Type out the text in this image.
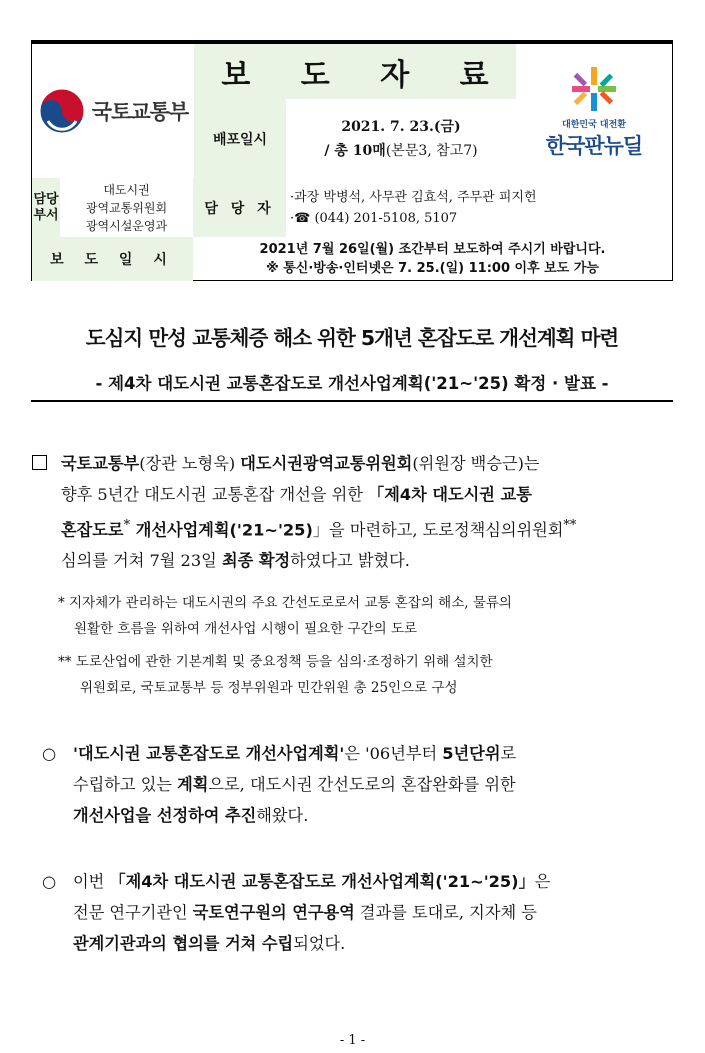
국토교통부
보 도 자 료
배포일시
2021. 7. 23.(금)
/ 총 10매(본문3, 참고7)
대한민국 대전환
한국판뉴딜
담당
부서
대도시권
광역교통위원회
광역시설운영과
담 당 자
·과장 박병석, 사무관 김효석, 주무관 피지헌
·☎ (044) 201-5108, 5107
보 도 일 시
2021년 7월 26일(월) 조간부터 보도하여 주시기 바랍니다.
※ 통신·방송·인터넷은 7. 25.(일) 11:00 이후 보도 가능
도심지 만성 교통체증 해소 위한 5개년 혼잡도로 개선계획 마련
- 제4차 대도시권 교통혼잡도로 개선사업계획('21~'25) 확정 · 발표 -
국토교통부(장관 노형욱) 대도시권광역교통위원회(위원장 백승근)는
향후 5년간 대도시권 교통혼잡 개선을 위한 「제4차 대도시권 교통
혼잡도로* 개선사업계획('21~'25)」을 마련하고, 도로정책심의위원회**
심의를 거쳐 7월 23일 최종 확정하였다고 밝혔다.
* 지자체가 관리하는 대도시권의 주요 간선도로로서 교통 혼잡의 해소, 물류의
원활한 흐름을 위하여 개선사업 시행이 필요한 구간의 도로
** 도로산업에 관한 기본계획 및 중요정책 등을 심의·조정하기 위해 설치한
위원회로, 국토교통부 등 정부위원과 민간위원 총 25인으로 구성
○ '대도시권 교통혼잡도로 개선사업계획'은 '06년부터 5년단위로
수립하고 있는 계획으로, 대도시권 간선도로의 혼잡완화를 위한
개선사업을 선정하여 추진해왔다.
○ 이번 「제4차 대도시권 교통혼잡도로 개선사업계획('21~'25)」은
전문 연구기관인 국토연구원의 연구용역 결과를 토대로, 지자체 등
관계기관과의 협의를 거쳐 수립되었다.
- 1 -
